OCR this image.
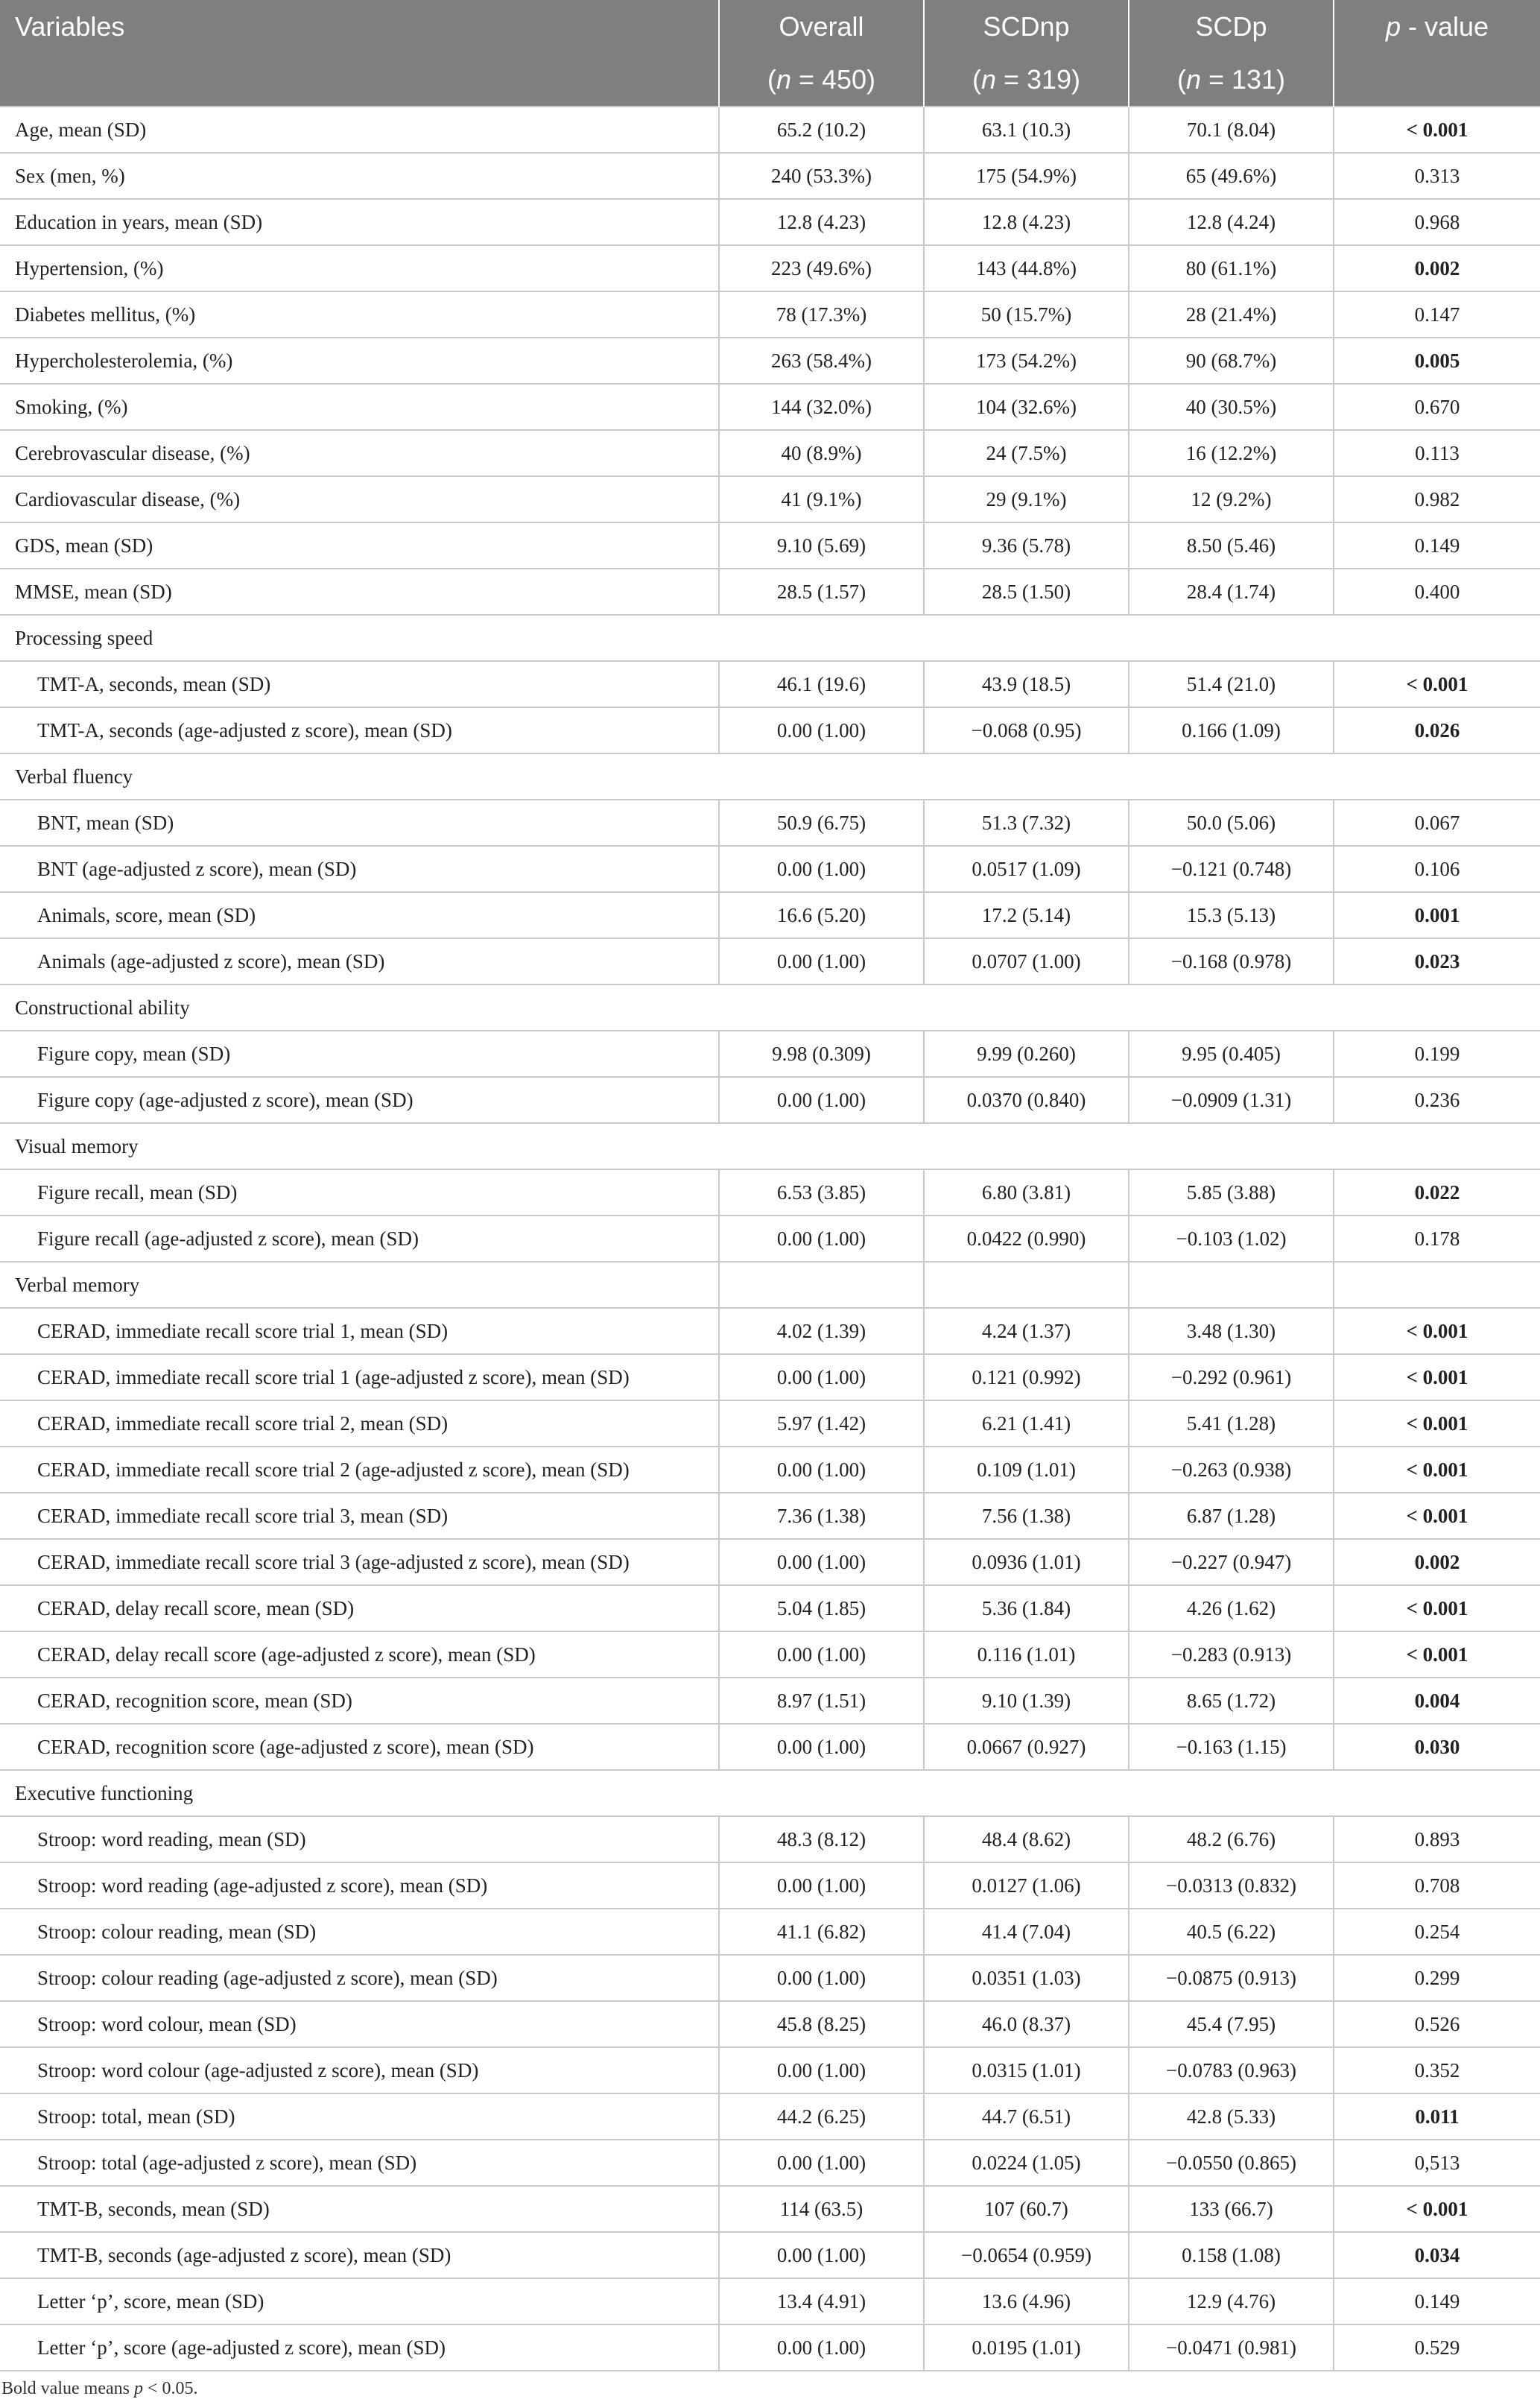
Variables	Overall	SCDnp	SCDp	p - value
	(n = 450)	(n = 319)	(n = 131)	
Age, mean (SD)	65.2 (10.2)	63.1 (10.3)	70.1 (8.04)	< 0.001
Sex (men, %)	240 (53.3%)	175 (54.9%)	65 (49.6%)	0.313
Education in years, mean (SD)	12.8 (4.23)	12.8 (4.23)	12.8 (4.24)	0.968
Hypertension, (%)	223 (49.6%)	143 (44.8%)	80 (61.1%)	0.002
Diabetes mellitus, (%)	78 (17.3%)	50 (15.7%)	28 (21.4%)	0.147
Hypercholesterolemia, (%)	263 (58.4%)	173 (54.2%)	90 (68.7%)	0.005
Smoking, (%)	144 (32.0%)	104 (32.6%)	40 (30.5%)	0.670
Cerebrovascular disease, (%)	40 (8.9%)	24 (7.5%)	16 (12.2%)	0.113
Cardiovascular disease, (%)	41 (9.1%)	29 (9.1%)	12 (9.2%)	0.982
GDS, mean (SD)	9.10 (5.69)	9.36 (5.78)	8.50 (5.46)	0.149
MMSE, mean (SD)	28.5 (1.57)	28.5 (1.50)	28.4 (1.74)	0.400
Processing speed				
TMT-A, seconds, mean (SD)	46.1 (19.6)	43.9 (18.5)	51.4 (21.0)	< 0.001
TMT-A, seconds (age-adjusted z score), mean (SD)	0.00 (1.00)	−0.068 (0.95)	0.166 (1.09)	0.026
Verbal fluency				
BNT, mean (SD)	50.9 (6.75)	51.3 (7.32)	50.0 (5.06)	0.067
BNT (age-adjusted z score), mean (SD)	0.00 (1.00)	0.0517 (1.09)	−0.121 (0.748)	0.106
Animals, score, mean (SD)	16.6 (5.20)	17.2 (5.14)	15.3 (5.13)	0.001
Animals (age-adjusted z score), mean (SD)	0.00 (1.00)	0.0707 (1.00)	−0.168 (0.978)	0.023
Constructional ability				
Figure copy, mean (SD)	9.98 (0.309)	9.99 (0.260)	9.95 (0.405)	0.199
Figure copy (age-adjusted z score), mean (SD)	0.00 (1.00)	0.0370 (0.840)	−0.0909 (1.31)	0.236
Visual memory				
Figure recall, mean (SD)	6.53 (3.85)	6.80 (3.81)	5.85 (3.88)	0.022
Figure recall (age-adjusted z score), mean (SD)	0.00 (1.00)	0.0422 (0.990)	−0.103 (1.02)	0.178
Verbal memory				
CERAD, immediate recall score trial 1, mean (SD)	4.02 (1.39)	4.24 (1.37)	3.48 (1.30)	< 0.001
CERAD, immediate recall score trial 1 (age-adjusted z score), mean (SD)	0.00 (1.00)	0.121 (0.992)	−0.292 (0.961)	< 0.001
CERAD, immediate recall score trial 2, mean (SD)	5.97 (1.42)	6.21 (1.41)	5.41 (1.28)	< 0.001
CERAD, immediate recall score trial 2 (age-adjusted z score), mean (SD)	0.00 (1.00)	0.109 (1.01)	−0.263 (0.938)	< 0.001
CERAD, immediate recall score trial 3, mean (SD)	7.36 (1.38)	7.56 (1.38)	6.87 (1.28)	< 0.001
CERAD, immediate recall score trial 3 (age-adjusted z score), mean (SD)	0.00 (1.00)	0.0936 (1.01)	−0.227 (0.947)	0.002
CERAD, delay recall score, mean (SD)	5.04 (1.85)	5.36 (1.84)	4.26 (1.62)	< 0.001
CERAD, delay recall score (age-adjusted z score), mean (SD)	0.00 (1.00)	0.116 (1.01)	−0.283 (0.913)	< 0.001
CERAD, recognition score, mean (SD)	8.97 (1.51)	9.10 (1.39)	8.65 (1.72)	0.004
CERAD, recognition score (age-adjusted z score), mean (SD)	0.00 (1.00)	0.0667 (0.927)	−0.163 (1.15)	0.030
Executive functioning				
Stroop: word reading, mean (SD)	48.3 (8.12)	48.4 (8.62)	48.2 (6.76)	0.893
Stroop: word reading (age-adjusted z score), mean (SD)	0.00 (1.00)	0.0127 (1.06)	−0.0313 (0.832)	0.708
Stroop: colour reading, mean (SD)	41.1 (6.82)	41.4 (7.04)	40.5 (6.22)	0.254
Stroop: colour reading (age-adjusted z score), mean (SD)	0.00 (1.00)	0.0351 (1.03)	−0.0875 (0.913)	0.299
Stroop: word colour, mean (SD)	45.8 (8.25)	46.0 (8.37)	45.4 (7.95)	0.526
Stroop: word colour (age-adjusted z score), mean (SD)	0.00 (1.00)	0.0315 (1.01)	−0.0783 (0.963)	0.352
Stroop: total, mean (SD)	44.2 (6.25)	44.7 (6.51)	42.8 (5.33)	0.011
Stroop: total (age-adjusted z score), mean (SD)	0.00 (1.00)	0.0224 (1.05)	−0.0550 (0.865)	0,513
TMT-B, seconds, mean (SD)	114 (63.5)	107 (60.7)	133 (66.7)	< 0.001
TMT-B, seconds (age-adjusted z score), mean (SD)	0.00 (1.00)	−0.0654 (0.959)	0.158 (1.08)	0.034
Letter ‘p’, score, mean (SD)	13.4 (4.91)	13.6 (4.96)	12.9 (4.76)	0.149
Letter ‘p’, score (age-adjusted z score), mean (SD)	0.00 (1.00)	0.0195 (1.01)	−0.0471 (0.981)	0.529
Bold value means p < 0.05.
